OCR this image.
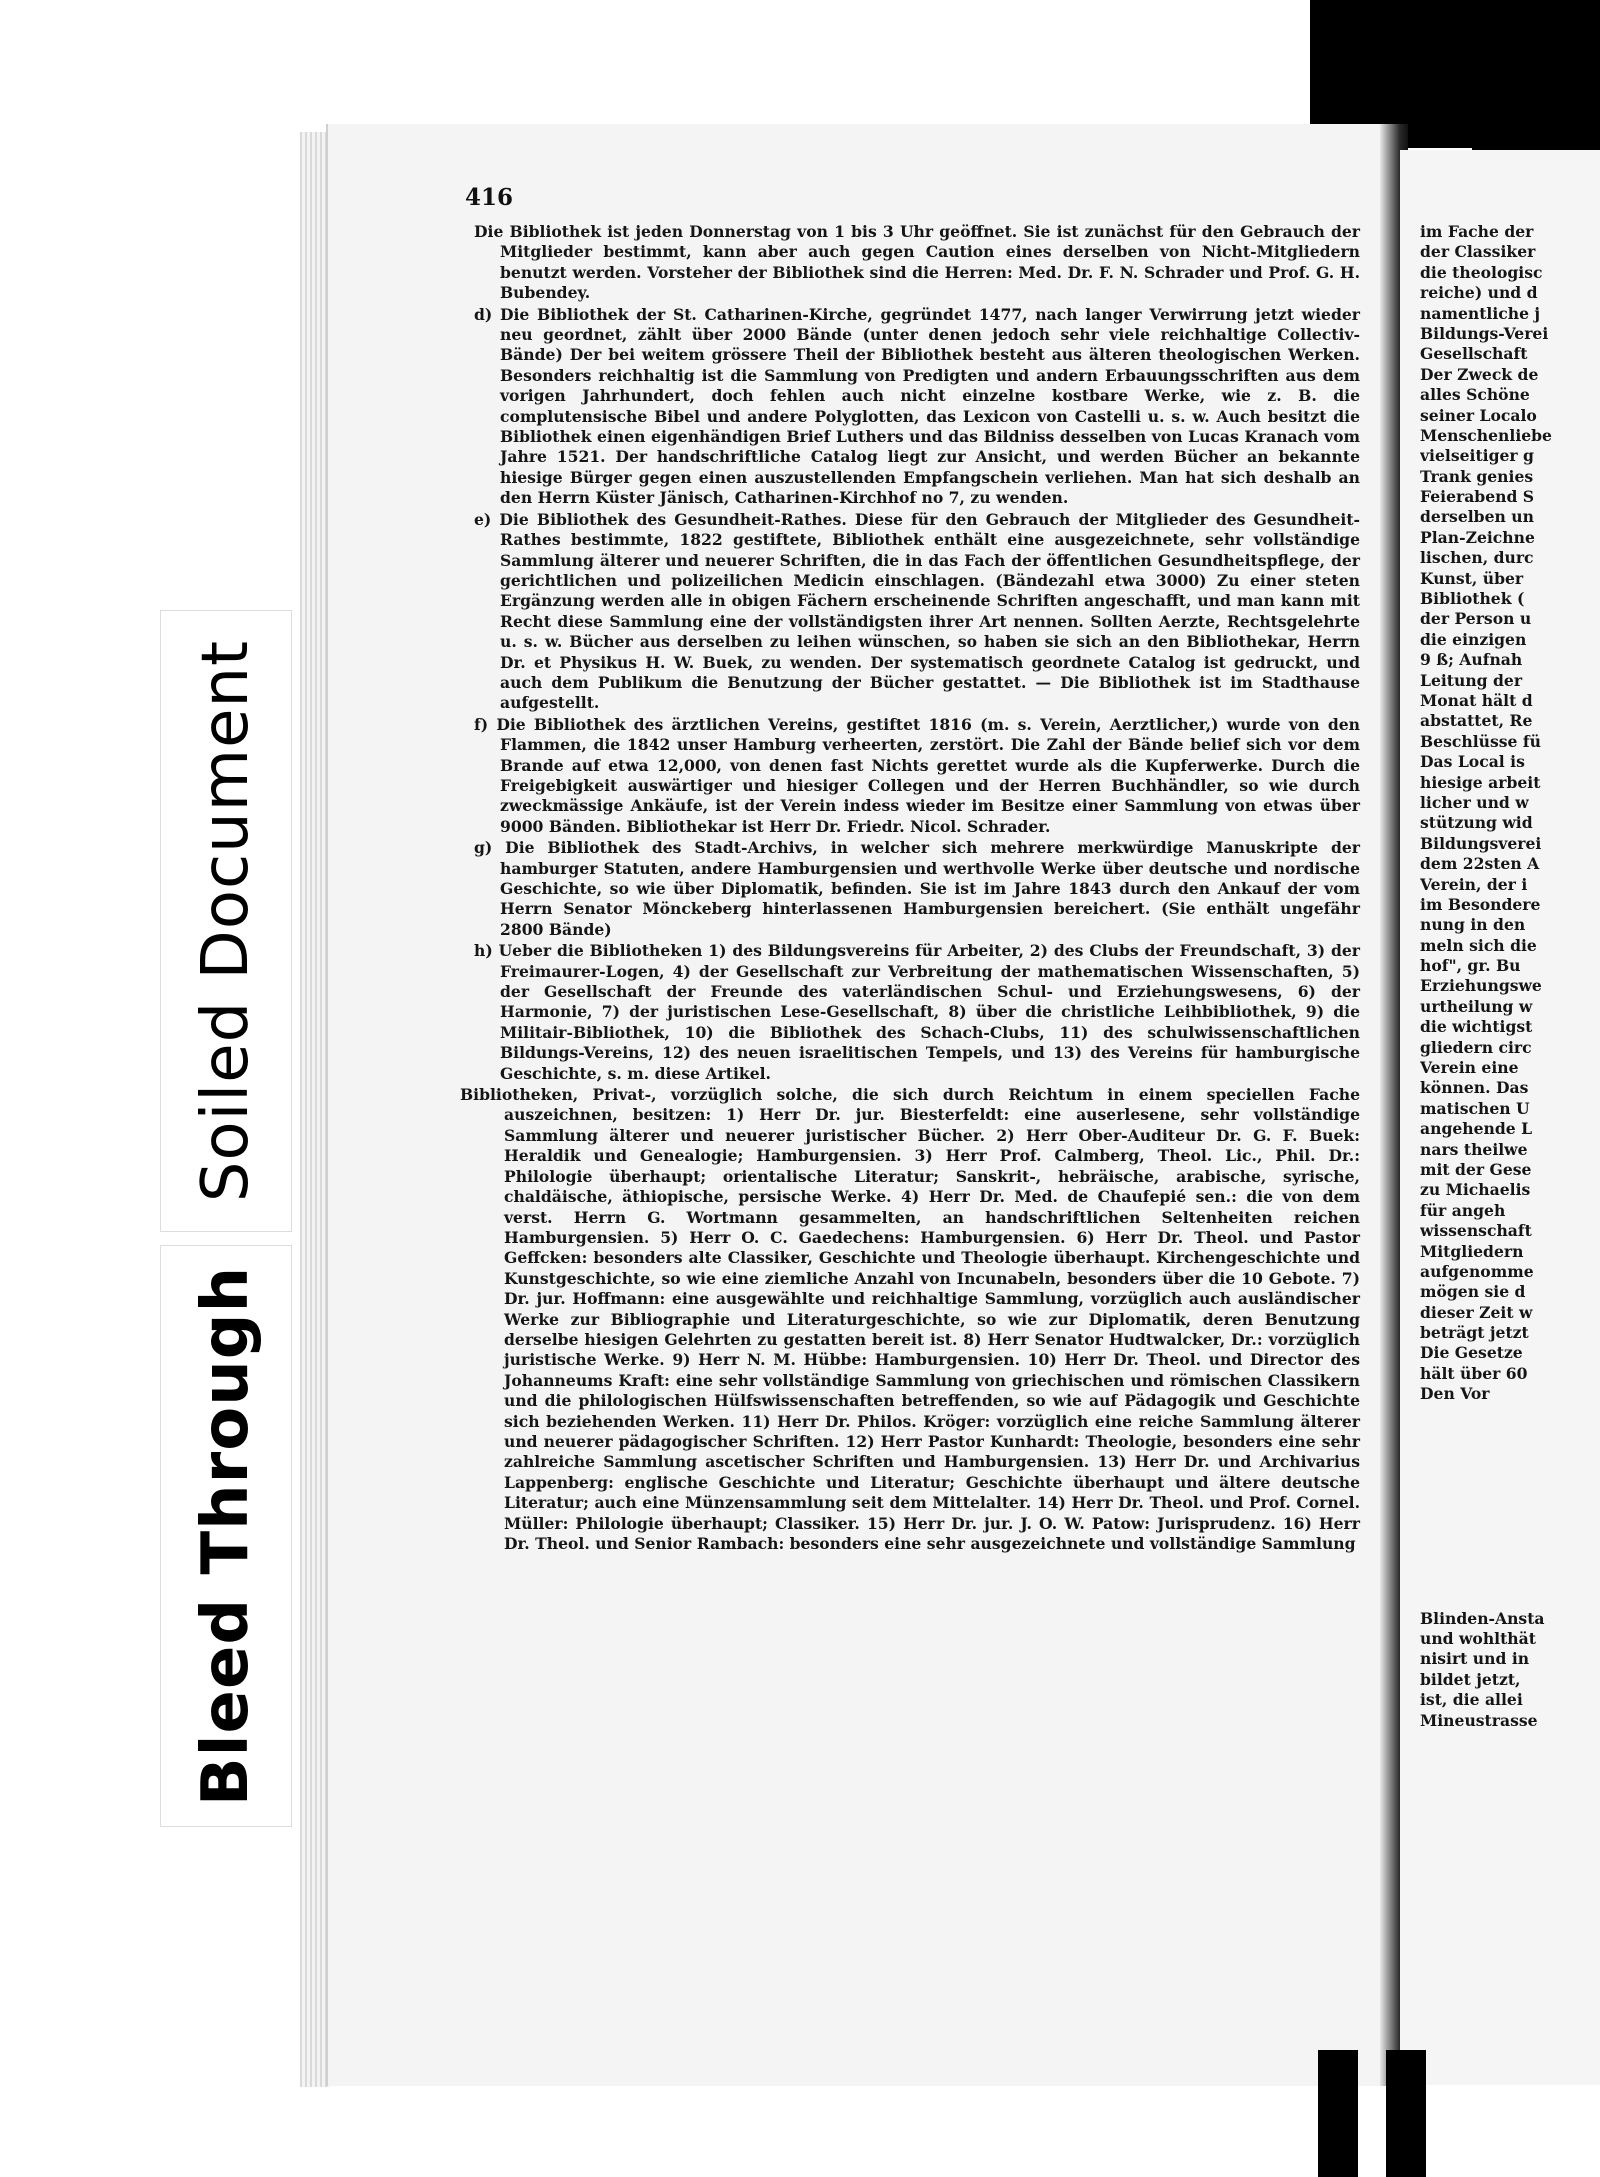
Soiled Document
Bleed Through
416

Die Bibliothek ist jeden Donnerstag von 1 bis 3 Uhr geöffnet. Sie ist zunächst für den Gebrauch der Mitglieder bestimmt, kann aber auch gegen Caution eines derselben von Nicht-Mitgliedern benutzt werden. Vorsteher der Bibliothek sind die Herren: Med. Dr. F. N. Schrader und Prof. G. H. Bubendey.

d) Die Bibliothek der St. Catharinen-Kirche, gegründet 1477, nach langer Verwirrung jetzt wieder neu geordnet, zählt über 2000 Bände (unter denen jedoch sehr viele reichhaltige Collectiv-Bände) Der bei weitem grössere Theil der Bibliothek besteht aus älteren theologischen Werken. Besonders reichhaltig ist die Sammlung von Predigten und andern Erbauungsschriften aus dem vorigen Jahrhundert, doch fehlen auch nicht einzelne kostbare Werke, wie z. B. die complutensische Bibel und andere Polyglotten, das Lexicon von Castelli u. s. w. Auch besitzt die Bibliothek einen eigenhändigen Brief Luthers und das Bildniss desselben von Lucas Kranach vom Jahre 1521. Der handschriftliche Catalog liegt zur Ansicht, und werden Bücher an bekannte hiesige Bürger gegen einen auszustellenden Empfangschein verliehen. Man hat sich deshalb an den Herrn Küster Jänisch, Catharinen-Kirchhof no 7, zu wenden.

e) Die Bibliothek des Gesundheit-Rathes. Diese für den Gebrauch der Mitglieder des Gesundheit-Rathes bestimmte, 1822 gestiftete, Bibliothek enthält eine ausgezeichnete, sehr vollständige Sammlung älterer und neuerer Schriften, die in das Fach der öffentlichen Gesundheitspflege, der gerichtlichen und polizeilichen Medicin einschlagen. (Bändezahl etwa 3000) Zu einer steten Ergänzung werden alle in obigen Fächern erscheinende Schriften angeschafft, und man kann mit Recht diese Sammlung eine der vollständigsten ihrer Art nennen. Sollten Aerzte, Rechtsgelehrte u. s. w. Bücher aus derselben zu leihen wünschen, so haben sie sich an den Bibliothekar, Herrn Dr. et Physikus H. W. Buek, zu wenden. Der systematisch geordnete Catalog ist gedruckt, und auch dem Publikum die Benutzung der Bücher gestattet. — Die Bibliothek ist im Stadthause aufgestellt.

f) Die Bibliothek des ärztlichen Vereins, gestiftet 1816 (m. s. Verein, Aerztlicher,) wurde von den Flammen, die 1842 unser Hamburg verheerten, zerstört. Die Zahl der Bände belief sich vor dem Brande auf etwa 12,000, von denen fast Nichts gerettet wurde als die Kupferwerke. Durch die Freigebigkeit auswärtiger und hiesiger Collegen und der Herren Buchhändler, so wie durch zweckmässige Ankäufe, ist der Verein indess wieder im Besitze einer Sammlung von etwas über 9000 Bänden. Bibliothekar ist Herr Dr. Friedr. Nicol. Schrader.

g) Die Bibliothek des Stadt-Archivs, in welcher sich mehrere merkwürdige Manuskripte der hamburger Statuten, andere Hamburgensien und werthvolle Werke über deutsche und nordische Geschichte, so wie über Diplomatik, befinden. Sie ist im Jahre 1843 durch den Ankauf der vom Herrn Senator Mönckeberg hinterlassenen Hamburgensien bereichert. (Sie enthält ungefähr 2800 Bände)

h) Ueber die Bibliotheken 1) des Bildungsvereins für Arbeiter, 2) des Clubs der Freundschaft, 3) der Freimaurer-Logen, 4) der Gesellschaft zur Verbreitung der mathematischen Wissenschaften, 5) der Gesellschaft der Freunde des vaterländischen Schul- und Erziehungswesens, 6) der Harmonie, 7) der juristischen Lese-Gesellschaft, 8) über die christliche Leihbibliothek, 9) die Militair-Bibliothek, 10) die Bibliothek des Schach-Clubs, 11) des schulwissenschaftlichen Bildungs-Vereins, 12) des neuen israelitischen Tempels, und 13) des Vereins für hamburgische Geschichte, s. m. diese Artikel.

Bibliotheken, Privat-, vorzüglich solche, die sich durch Reichtum in einem speciellen Fache auszeichnen, besitzen: 1) Herr Dr. jur. Biesterfeldt: eine auserlesene, sehr vollständige Sammlung älterer und neuerer juristischer Bücher. 2) Herr Ober-Auditeur Dr. G. F. Buek: Heraldik und Genealogie; Hamburgensien. 3) Herr Prof. Calmberg, Theol. Lic., Phil. Dr.: Philologie überhaupt; orientalische Literatur; Sanskrit-, hebräische, arabische, syrische, chaldäische, äthiopische, persische Werke. 4) Herr Dr. Med. de Chaufepié sen.: die von dem verst. Herrn G. Wortmann gesammelten, an handschriftlichen Seltenheiten reichen Hamburgensien. 5) Herr O. C. Gaedechens: Hamburgensien. 6) Herr Dr. Theol. und Pastor Geffcken: besonders alte Classiker, Geschichte und Theologie überhaupt. Kirchengeschichte und Kunstgeschichte, so wie eine ziemliche Anzahl von Incunabeln, besonders über die 10 Gebote. 7) Dr. jur. Hoffmann: eine ausgewählte und reichhaltige Sammlung, vorzüglich auch ausländischer Werke zur Bibliographie und Literaturgeschichte, so wie zur Diplomatik, deren Benutzung derselbe hiesigen Gelehrten zu gestatten bereit ist. 8) Herr Senator Hudtwalcker, Dr.: vorzüglich juristische Werke. 9) Herr N. M. Hübbe: Hamburgensien. 10) Herr Dr. Theol. und Director des Johanneums Kraft: eine sehr vollständige Sammlung von griechischen und römischen Classikern und die philologischen Hülfswissenschaften betreffenden, so wie auf Pädagogik und Geschichte sich beziehenden Werken. 11) Herr Dr. Philos. Kröger: vorzüglich eine reiche Sammlung älterer und neuerer pädagogischer Schriften. 12) Herr Pastor Kunhardt: Theologie, besonders eine sehr zahlreiche Sammlung ascetischer Schriften und Hamburgensien. 13) Herr Dr. und Archivarius Lappenberg: englische Geschichte und Literatur; Geschichte überhaupt und ältere deutsche Literatur; auch eine Münzensammlung seit dem Mittelalter. 14) Herr Dr. Theol. und Prof. Cornel. Müller: Philologie überhaupt; Classiker. 15) Herr Dr. jur. J. O. W. Patow: Jurisprudenz. 16) Herr Dr. Theol. und Senior Rambach: besonders eine sehr ausgezeichnete und vollständige Sammlung

im Fache der
der Classiker
die theologisc
reiche) und d
namentliche j
Bildungs-Verei
Gesellschaft
Der Zweck de
alles Schöne
seiner Localo
Menschenliebe
vielseitiger g
Trank genies
Feierabend S
derselben un
Plan-Zeichne
lischen, durc
Kunst, über
Bibliothek (
der Person u
die einzigen
9 ß; Aufnah
Leitung der
Monat hält d
abstattet, Re
Beschlüsse fü
Das Local is
hiesige arbeit
licher und w
stützung wid
Bildungsverei
dem 22sten A
Verein, der i
im Besondere
nung in den
meln sich die
hof", gr. Bu
Erziehungswe
urtheilung w
die wichtigst
gliedern circ
Verein eine
können. Das
matischen U
angehende L
nars theilwe
mit der Gese
zu Michaelis
für angeh
wissenschaft
Mitgliedern
aufgenomme
mögen sie d
dieser Zeit w
beträgt jetzt
Die Gesetze
hält über 60
Den Vor
Blinden-Ansta
und wohlthät
nisirt und in
bildet jetzt,
ist, die allei
Mineustrasse
